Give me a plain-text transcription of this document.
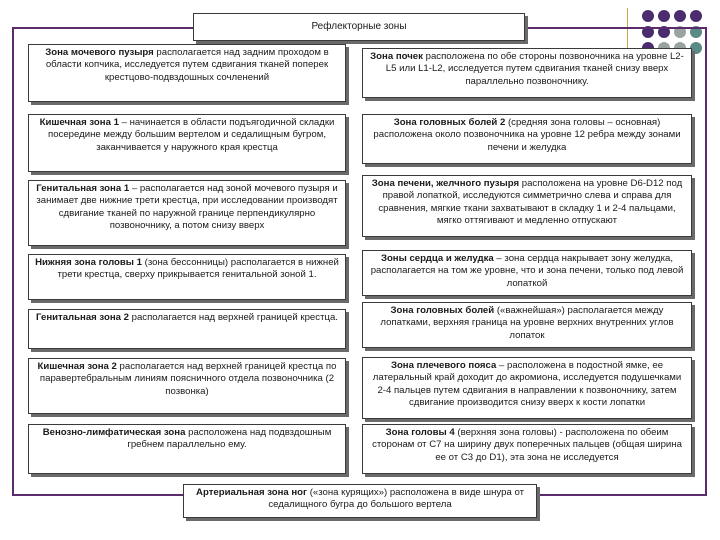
Рефлекторные зоны
Зона мочевого пузыря располагается над задним проходом в области копчика, исследуется путем сдвигания тканей поперек крестцово-подвздошных сочленений
Кишечная зона 1 – начинается в области подъягодичной складки посередине между большим вертелом и седалищным бугром, заканчивается у наружного края крестца
Генитальная зона 1 – располагается над зоной мочевого пузыря и занимает две нижние трети крестца, при исследовании производят сдвигание тканей по наружной границе перпендикулярно позвоночнику, а потом снизу вверх
Нижняя зона головы 1 (зона бессонницы) располагается в нижней трети крестца, сверху прикрывается генитальной зоной 1.
Генитальная зона 2 располагается над верхней границей крестца.
Кишечная зона 2 располагается над верхней границей крестца по паравертебральным линиям поясничного отдела позвоночника (2 позвонка)
Венозно-лимфатическая зона расположена над подвздошным гребнем параллельно ему.
Зона почек расположена по обе стороны позвоночника на уровне L2-L5 или L1-L2, исследуется путем сдвигания тканей снизу вверх параллельно позвоночнику.
Зона головных болей 2 (средняя зона головы – основная) расположена около позвоночника на уровне 12 ребра между зонами печени и желудка
Зона печени, желчного пузыря расположена на уровне D6-D12 под правой лопаткой, исследуются симметрично слева и справа для сравнения, мягкие ткани захватывают в складку 1 и 2-4 пальцами, мягко оттягивают и медленно отпускают
Зоны сердца и желудка – зона сердца накрывает зону желудка, располагается на том же уровне, что и зона печени, только под левой лопаткой
Зона головных болей («важнейшая») располагается между лопатками, верхняя граница на уровне верхних внутренних углов лопаток
Зона плечевого пояса – расположена в подостной ямке, ее латеральный край доходит до акромиона, исследуется подушечками 2-4 пальцев путем сдвигания в направлении к позвоночнику, затем сдвигание производится снизу вверх к кости лопатки
Зона головы 4 (верхняя зона головы) - расположена по обеим сторонам от C7 на ширину двух поперечных пальцев (общая ширина ее от C3 до D1), эта зона не исследуется
Артериальная зона ног («зона курящих») расположена в виде шнура от седалищного бугра до большого вертела
